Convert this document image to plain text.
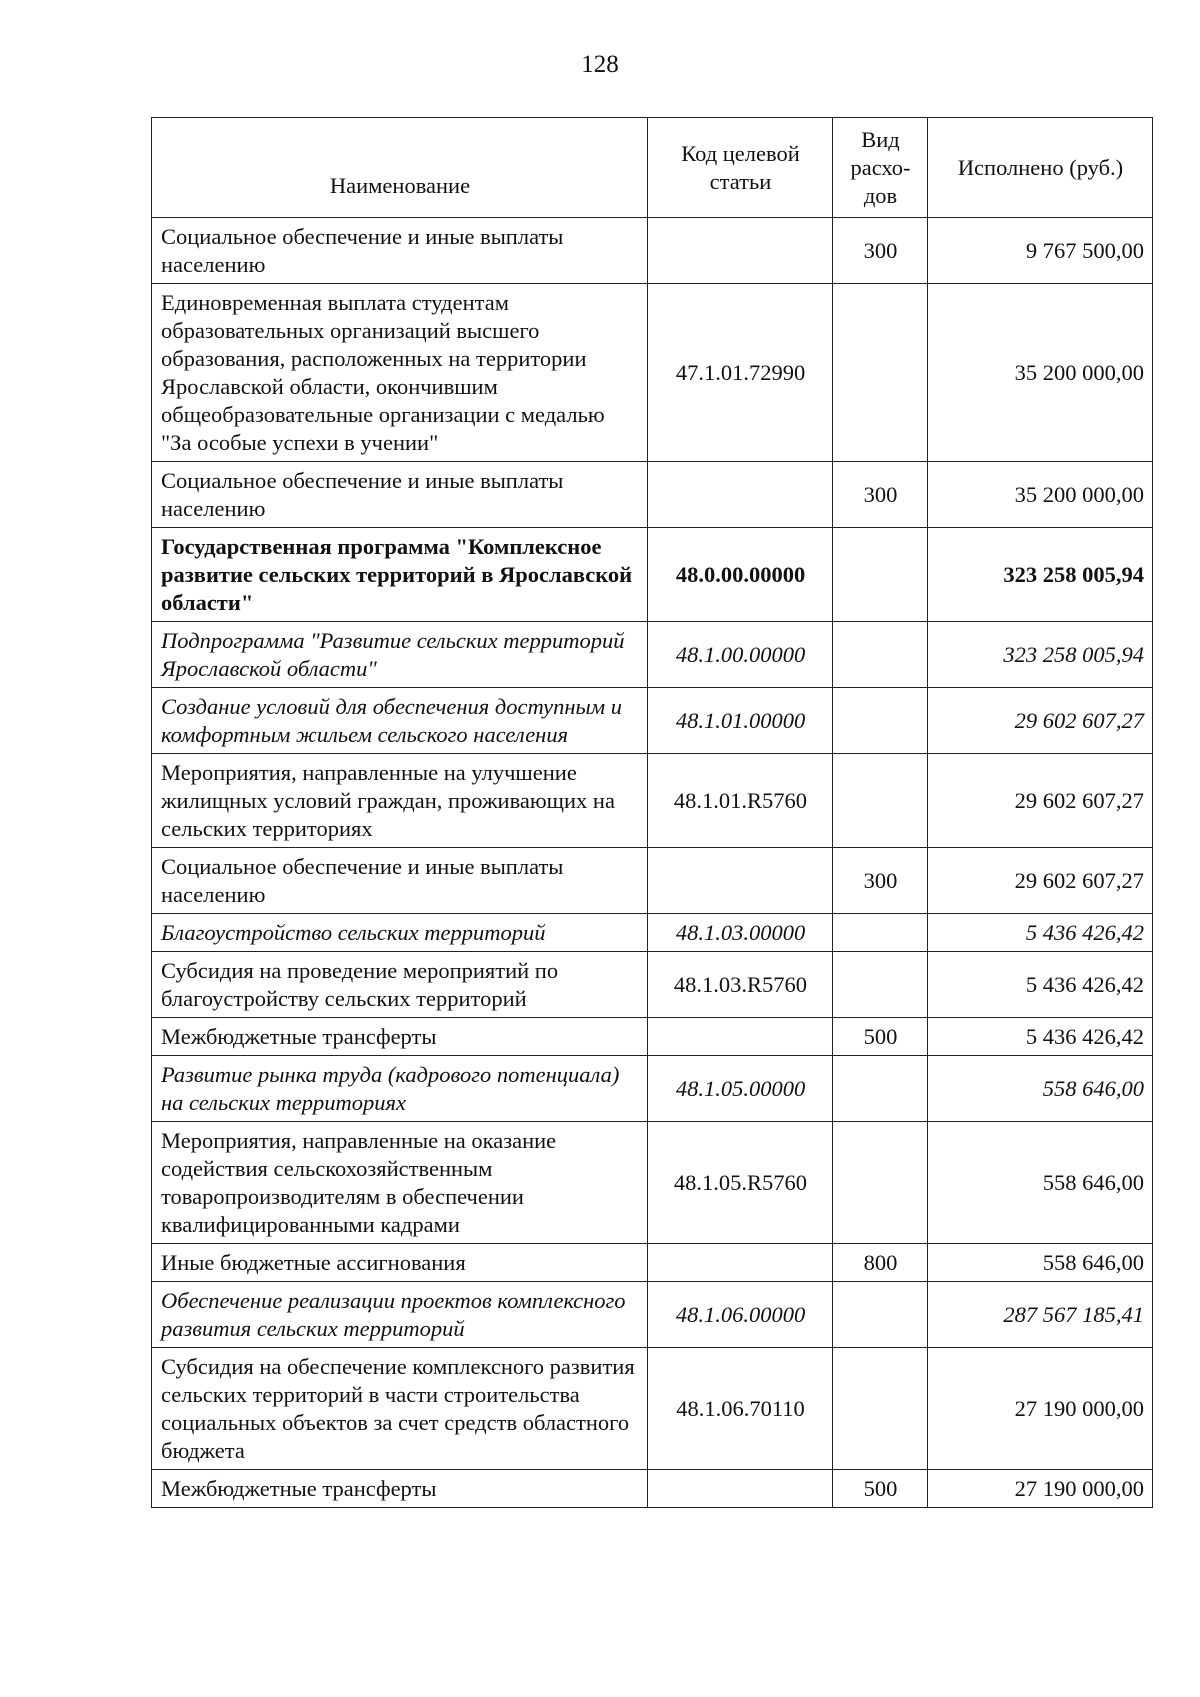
128
Наименование	Код целевой статьи	Вид расхо-дов	Исполнено (руб.)
Социальное обеспечение и иные выплаты населению		300	9 767 500,00
Единовременная выплата студентам образовательных организаций высшего образования, расположенных на территории Ярославской области, окончившим общеобразовательные организации с медалью "За особые успехи в учении"	47.1.01.72990		35 200 000,00
Социальное обеспечение и иные выплаты населению		300	35 200 000,00
Государственная программа "Комплексное развитие сельских территорий в Ярославской области"	48.0.00.00000		323 258 005,94
Подпрограмма "Развитие сельских территорий Ярославской области"	48.1.00.00000		323 258 005,94
Создание условий для обеспечения доступным и комфортным жильем сельского населения	48.1.01.00000		29 602 607,27
Мероприятия, направленные на улучшение жилищных условий граждан, проживающих на сельских территориях	48.1.01.R5760		29 602 607,27
Социальное обеспечение и иные выплаты населению		300	29 602 607,27
Благоустройство сельских территорий	48.1.03.00000		5 436 426,42
Субсидия на проведение мероприятий по благоустройству сельских территорий	48.1.03.R5760		5 436 426,42
Межбюджетные трансферты		500	5 436 426,42
Развитие рынка труда (кадрового потенциала) на сельских территориях	48.1.05.00000		558 646,00
Мероприятия, направленные на оказание содействия сельскохозяйственным товаропроизводителям в обеспечении квалифицированными кадрами	48.1.05.R5760		558 646,00
Иные бюджетные ассигнования		800	558 646,00
Обеспечение реализации проектов комплексного развития сельских территорий	48.1.06.00000		287 567 185,41
Субсидия на обеспечение комплексного развития сельских территорий в части строительства социальных объектов за счет средств областного бюджета	48.1.06.70110		27 190 000,00
Межбюджетные трансферты		500	27 190 000,00
